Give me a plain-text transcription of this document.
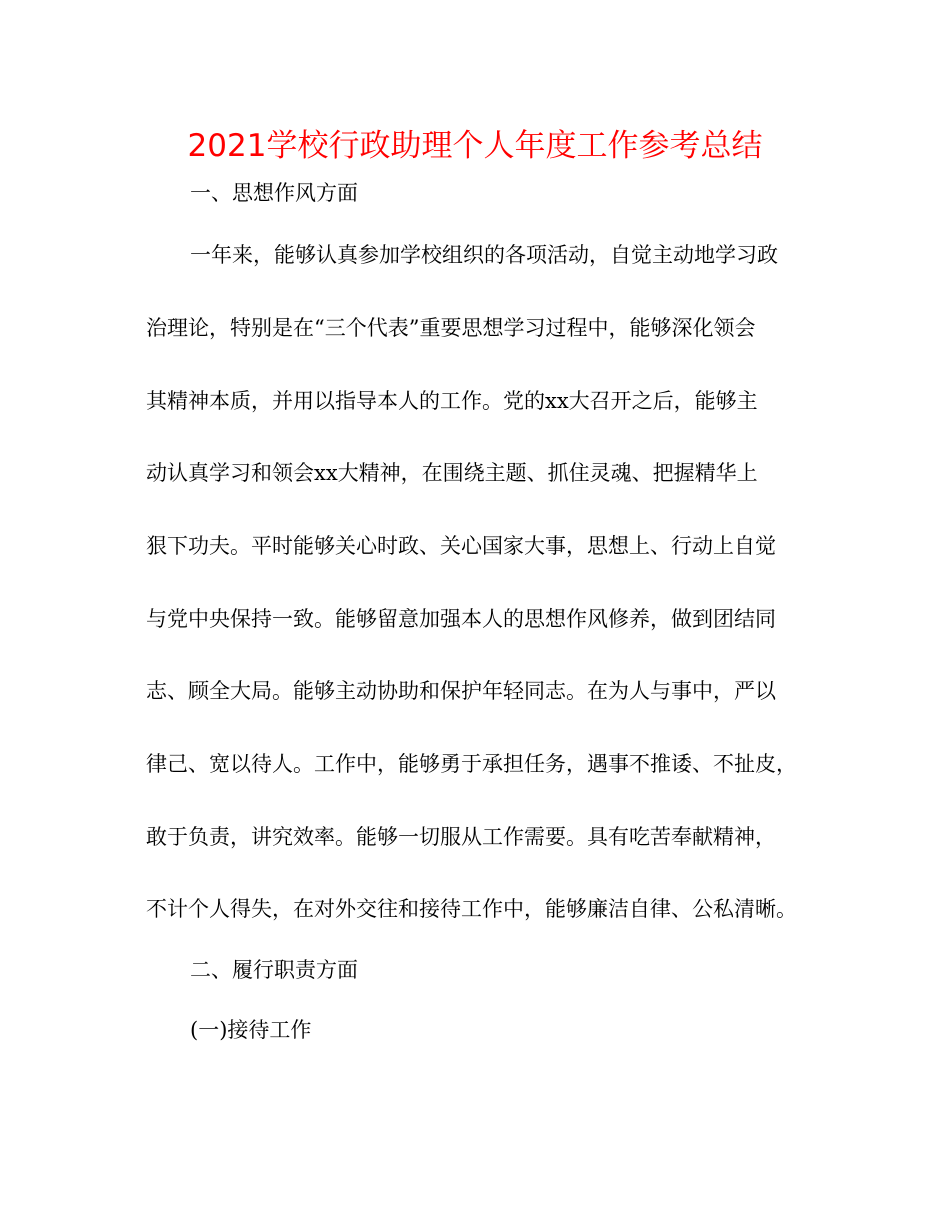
2021学校行政助理个人年度工作参考总结

一、思想作风方面

一年来，能够认真参加学校组织的各项活动，自觉主动地学习政

治理论，特别是在“三个代表”重要思想学习过程中，能够深化领会

其精神本质，并用以指导本人的工作。党的xx大召开之后，能够主

动认真学习和领会xx大精神，在围绕主题、抓住灵魂、把握精华上

狠下功夫。平时能够关心时政、关心国家大事，思想上、行动上自觉

与党中央保持一致。能够留意加强本人的思想作风修养，做到团结同

志、顾全大局。能够主动协助和保护年轻同志。在为人与事中，严以

律己、宽以待人。工作中，能够勇于承担任务，遇事不推诿、不扯皮，

敢于负责，讲究效率。能够一切服从工作需要。具有吃苦奉献精神，

不计个人得失，在对外交往和接待工作中，能够廉洁自律、公私清晰。

二、履行职责方面

(一)接待工作
